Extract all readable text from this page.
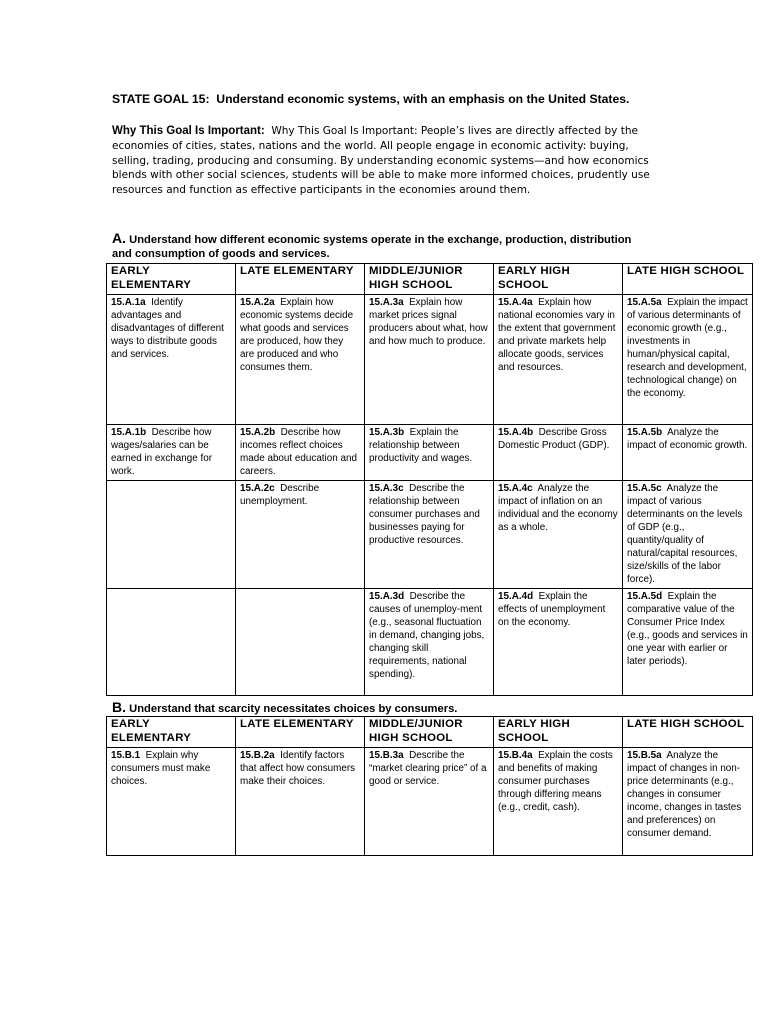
STATE GOAL 15: Understand economic systems, with an emphasis on the United States.
Why This Goal Is Important: Why This Goal Is Important: People’s lives are directly affected by the economies of cities, states, nations and the world. All people engage in economic activity: buying, selling, trading, producing and consuming. By understanding economic systems—and how economics blends with other social sciences, students will be able to make more informed choices, prudently use resources and function as effective participants in the economies around them.
A. Understand how different economic systems operate in the exchange, production, distribution and consumption of goods and services.
EARLY ELEMENTARY	LATE ELEMENTARY	MIDDLE/JUNIOR HIGH SCHOOL	EARLY HIGH SCHOOL	LATE HIGH SCHOOL
15.A.1a Identify advantages and disadvantages of different ways to distribute goods and services.	15.A.2a Explain how economic systems decide what goods and services are produced, how they are produced and who consumes them.	15.A.3a Explain how market prices signal producers about what, how and how much to produce.	15.A.4a Explain how national economies vary in the extent that government and private markets help allocate goods, services and resources.	15.A.5a Explain the impact of various determinants of economic growth (e.g., investments in human/physical capital, research and development, technological change) on the economy.
15.A.1b Describe how wages/salaries can be earned in exchange for work.	15.A.2b Describe how incomes reflect choices made about education and careers.	15.A.3b Explain the relationship between productivity and wages.	15.A.4b Describe Gross Domestic Product (GDP).	15.A.5b Analyze the impact of economic growth.
	15.A.2c Describe unemployment.	15.A.3c Describe the relationship between consumer purchases and businesses paying for productive resources.	15.A.4c Analyze the impact of inflation on an individual and the economy as a whole.	15.A.5c Analyze the impact of various determinants on the levels of GDP (e.g., quantity/quality of natural/capital resources, size/skills of the labor force).
		15.A.3d Describe the causes of unemploy-ment (e.g., seasonal fluctuation in demand, changing jobs, changing skill requirements, national spending).	15.A.4d Explain the effects of unemployment on the economy.	15.A.5d Explain the comparative value of the Consumer Price Index (e.g., goods and services in one year with earlier or later periods).
B. Understand that scarcity necessitates choices by consumers.
EARLY ELEMENTARY	LATE ELEMENTARY	MIDDLE/JUNIOR HIGH SCHOOL	EARLY HIGH SCHOOL	LATE HIGH SCHOOL
15.B.1 Explain why consumers must make choices.	15.B.2a Identify factors that affect how consumers make their choices.	15.B.3a Describe the “market clearing price” of a good or service.	15.B.4a Explain the costs and benefits of making consumer purchases through differing means (e.g., credit, cash).	15.B.5a Analyze the impact of changes in non-price determinants (e.g., changes in consumer income, changes in tastes and preferences) on consumer demand.
